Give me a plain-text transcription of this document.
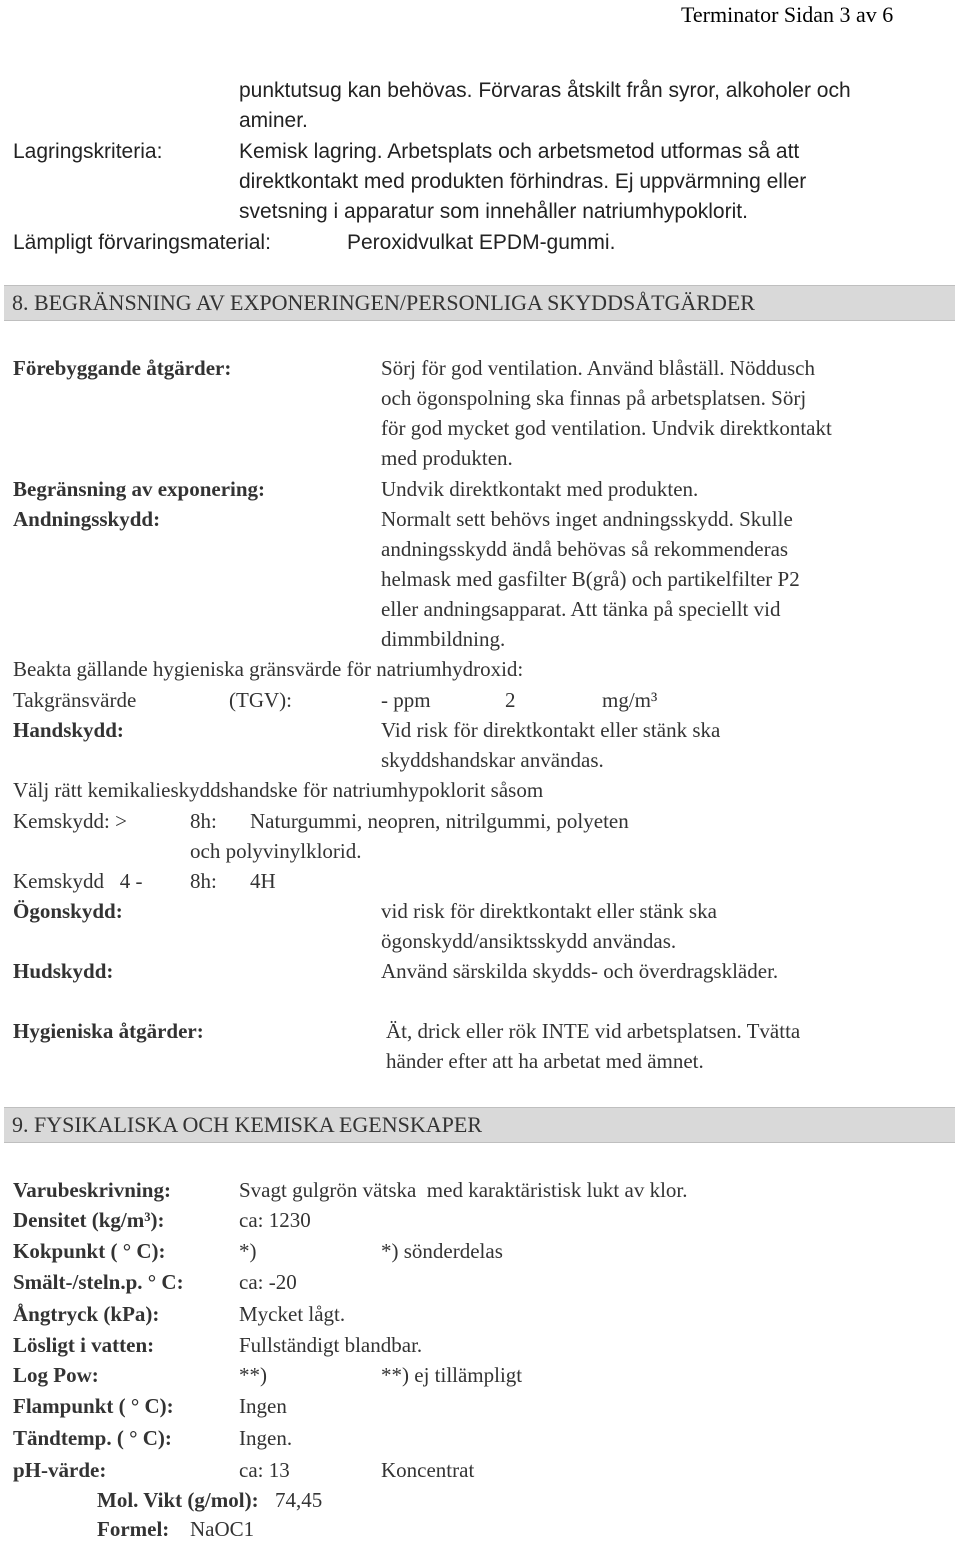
Terminator Sidan 3 av 6
punktutsug kan behövas. Förvaras åtskilt från syror, alkoholer och
aminer.
Lagringskriteria:	Kemisk lagring. Arbetsplats och arbetsmetod utformas så att
direktkontakt med produkten förhindras. Ej uppvärmning eller
svetsning i apparatur som innehåller natriumhypoklorit.
Lämpligt förvaringsmaterial:	Peroxidvulkat EPDM-gummi.
8. BEGRÄNSNING AV EXPONERINGEN/PERSONLIGA SKYDDSÅTGÄRDER
Förebyggande åtgärder:	Sörj för god ventilation. Använd blåställ. Nöddusch
och ögonspolning ska finnas på arbetsplatsen. Sörj
för god mycket god ventilation. Undvik direktkontakt
med produkten.
Begränsning av exponering:	Undvik direktkontakt med produkten.
Andningsskydd:	Normalt sett behövs inget andningsskydd. Skulle
andningsskydd ändå behövas så rekommenderas
helmask med gasfilter B(grå) och partikelfilter P2
eller andningsapparat. Att tänka på speciellt vid
dimmbildning.
Beakta gällande hygieniska gränsvärde för natriumhydroxid:
Takgränsvärde	(TGV):	- ppm	2	mg/m³
Handskydd:	Vid risk för direktkontakt eller stänk ska
skyddshandskar användas.
Välj rätt kemikalieskyddshandske för natriumhypoklorit såsom
Kemskydd: >	8h: Naturgummi, neopren, nitrilgummi, polyeten
och polyvinylklorid.
Kemskydd   4 - 8h: 4H
Ögonskydd:	vid risk för direktkontakt eller stänk ska
ögonskydd/ansiktsskydd användas.
Hudskydd:	Använd särskilda skydds- och överdragskläder.
Hygieniska åtgärder:	Ät, drick eller rök INTE vid arbetsplatsen. Tvätta
händer efter att ha arbetat med ämnet.
9. FYSIKALISKA OCH KEMISKA EGENSKAPER
Varubeskrivning:	Svagt gulgrön vätska  med karaktäristisk lukt av klor.
Densitet (kg/m³):	ca: 1230
Kokpunkt ( ° C):	*)	*) sönderdelas
Smält-/steln.p. ° C:	ca: -20
Ångtryck (kPa):	Mycket lågt.
Lösligt i vatten:	Fullständigt blandbar.
Log Pow:	**)	**) ej tillämpligt
Flampunkt ( ° C):	Ingen
Tändtemp. ( ° C):	Ingen.
pH-värde:	ca: 13	Koncentrat
Mol. Vikt (g/mol): 74,45
Formel: NaOC1
